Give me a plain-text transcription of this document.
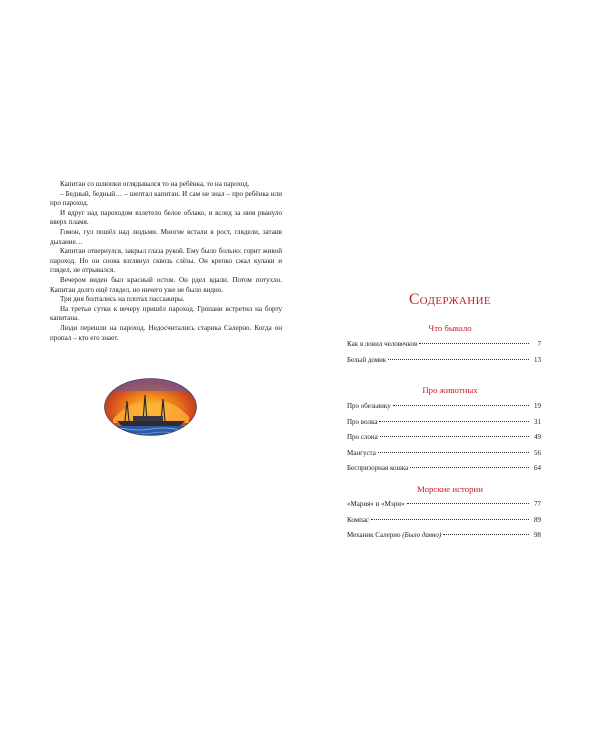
Капитан со шлюпки оглядывался то на ребёнка, то на пароход.

– Бедный, бедный… – шептал капитан. И сам не знал – про ребёнка или про пароход.

И вдруг над пароходом взлетело белое облако, и вслед за ним рванулo вверх пламя.

Гомон, гул пошёл над людьми. Многие встали в рост, глядели, затаив дыхание…

Капитан отвернулся, закрыл глаза рукой. Ему было больно: горит живой пароход. Но он снова взглянул сквозь слёзы. Он крепко сжал кулаки и глядел, не отрывался.

Вечером виден был красный остов. Он рдел вдали. Потом потухло. Капитан долго ещё глядел, но ничего уже не было видно.

Три дня болтались на плотах пассажиры.

На третьи сутки к вечеру пришёл пароход. Гропани встретил на борту капитана.

Люди перешли на пароход. Недосчитались старика Салерно. Когда он пропал – кто его знает.

Содержание
Что бывало
Как я ловил человечков	7
Белый домик	13
Про животных
Про обезьянку	19
Про волка	31
Про слона	49
Мангуста	56
Беспризорная кошка	64
Морские истории
«Мария» и «Мэри»	77
Компас	89
Механик Салерно (Было давно)	98
